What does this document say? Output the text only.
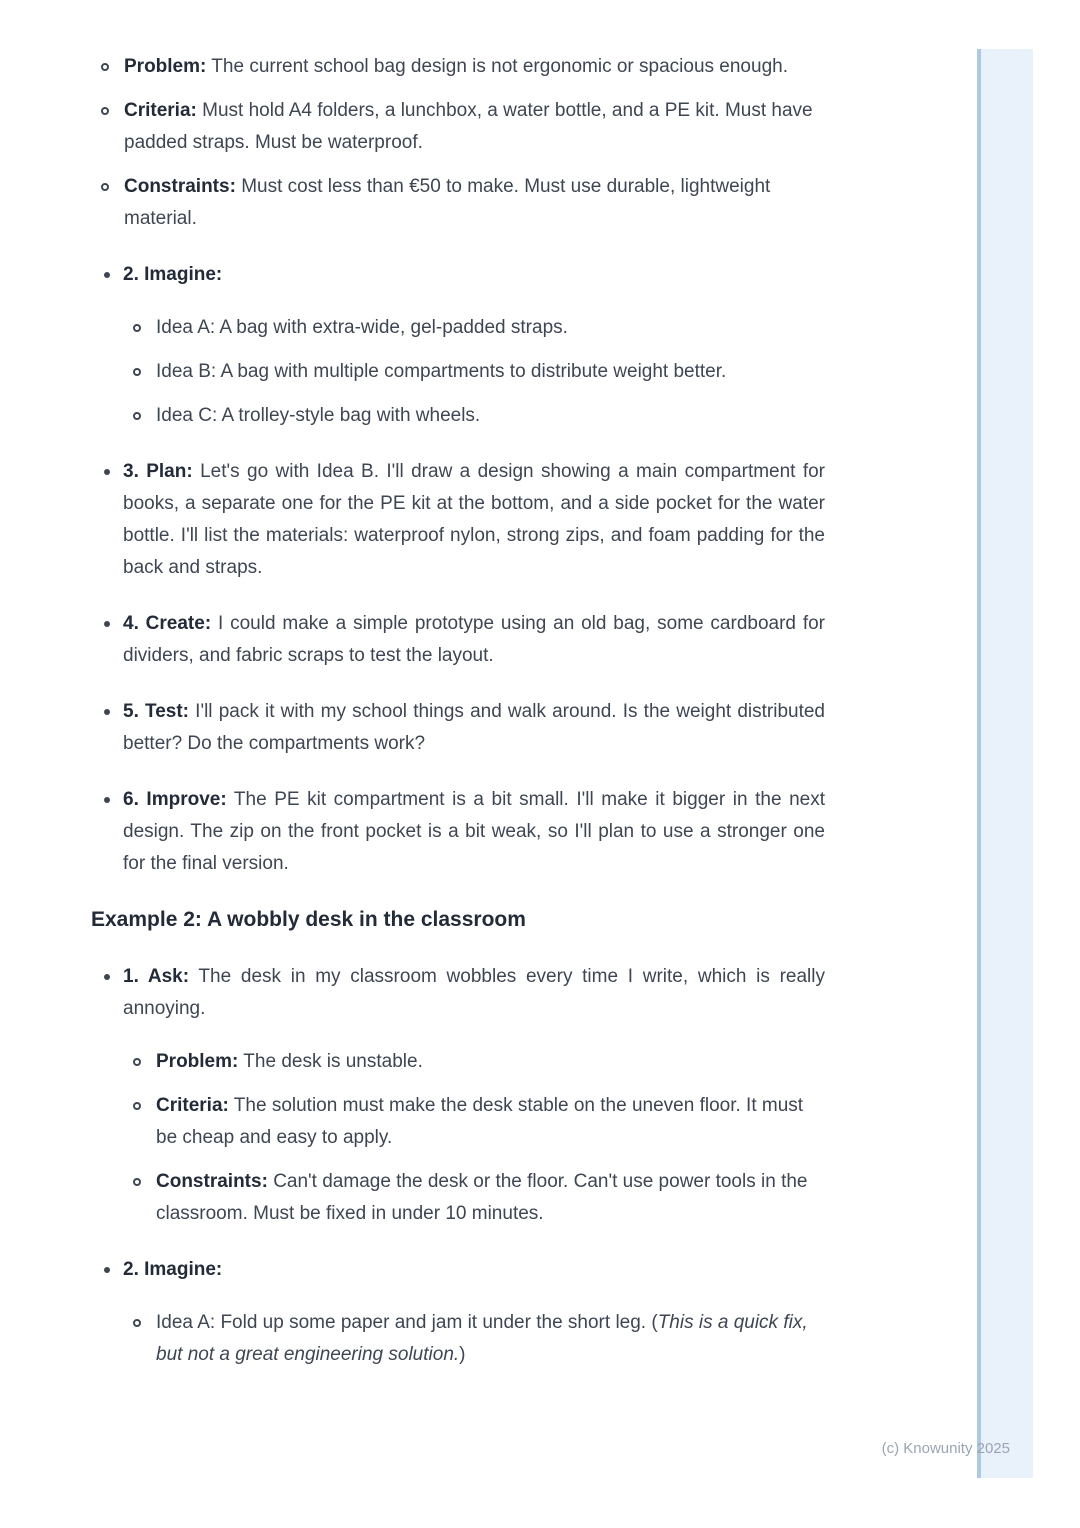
Problem: The current school bag design is not ergonomic or spacious enough.

Criteria: Must hold A4 folders, a lunchbox, a water bottle, and a PE kit. Must have padded straps. Must be waterproof.

Constraints: Must cost less than €50 to make. Must use durable, lightweight material.

2. Imagine:

Idea A: A bag with extra-wide, gel-padded straps.

Idea B: A bag with multiple compartments to distribute weight better.

Idea C: A trolley-style bag with wheels.

3. Plan: Let's go with Idea B. I'll draw a design showing a main compartment for books, a separate one for the PE kit at the bottom, and a side pocket for the water bottle. I'll list the materials: waterproof nylon, strong zips, and foam padding for the back and straps.

4. Create: I could make a simple prototype using an old bag, some cardboard for dividers, and fabric scraps to test the layout.

5. Test: I'll pack it with my school things and walk around. Is the weight distributed better? Do the compartments work?

6. Improve: The PE kit compartment is a bit small. I'll make it bigger in the next design. The zip on the front pocket is a bit weak, so I'll plan to use a stronger one for the final version.

Example 2: A wobbly desk in the classroom

1. Ask: The desk in my classroom wobbles every time I write, which is really annoying.

Problem: The desk is unstable.

Criteria: The solution must make the desk stable on the uneven floor. It must be cheap and easy to apply.

Constraints: Can't damage the desk or the floor. Can't use power tools in the classroom. Must be fixed in under 10 minutes.

2. Imagine:

Idea A: Fold up some paper and jam it under the short leg. (This is a quick fix, but not a great engineering solution.)

(c) Knowunity 2025
